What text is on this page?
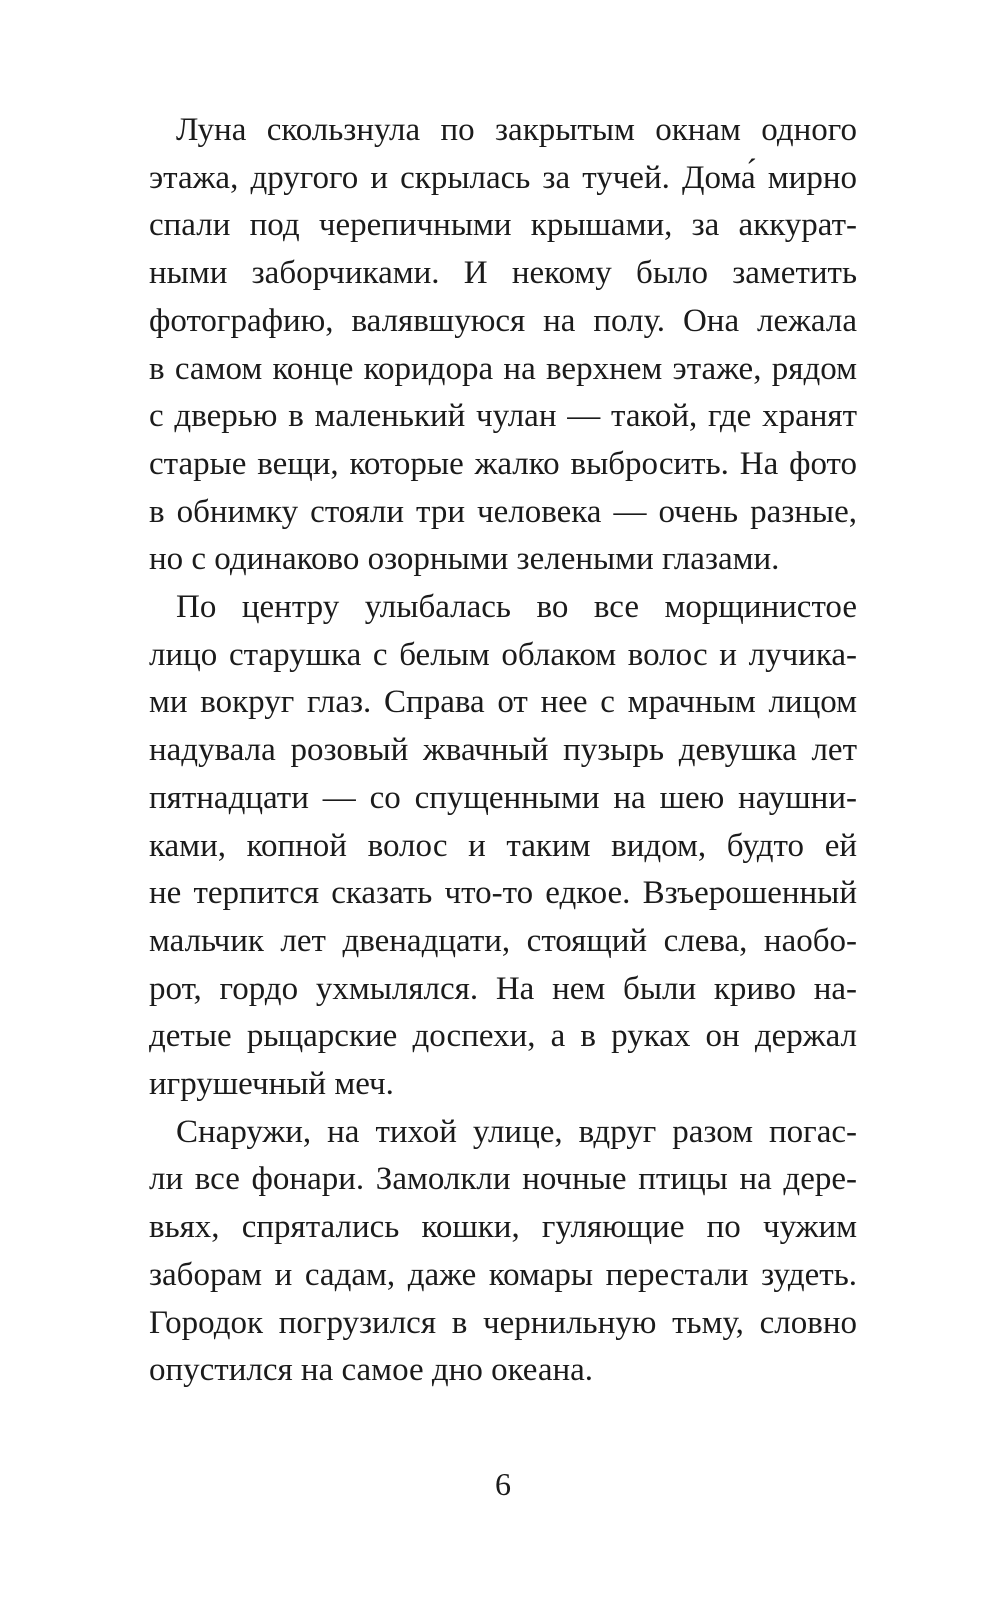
Луна скользнула по закрытым окнам одного
этажа, другого и скрылась за тучей. Дома́ мирно
спали под черепичными крышами, за аккурат-
ными заборчиками. И некому было заметить
фотографию, валявшуюся на полу. Она лежала
в самом конце коридора на верхнем этаже, рядом
с дверью в маленький чулан — такой, где хранят
старые вещи, которые жалко выбросить. На фото
в обнимку стояли три человека — очень разные,
но с одинаково озорными зелеными глазами.
По центру улыбалась во все морщинистое
лицо старушка с белым облаком волос и лучика-
ми вокруг глаз. Справа от нее с мрачным лицом
надувала розовый жвачный пузырь девушка лет
пятнадцати — со спущенными на шею наушни-
ками, копной волос и таким видом, будто ей
не терпится сказать что-то едкое. Взъерошенный
мальчик лет двенадцати, стоящий слева, наобо-
рот, гордо ухмылялся. На нем были криво на-
детые рыцарские доспехи, а в руках он держал
игрушечный меч.
Снаружи, на тихой улице, вдруг разом погас-
ли все фонари. Замолкли ночные птицы на дере-
вьях, спрятались кошки, гуляющие по чужим
заборам и садам, даже комары перестали зудеть.
Городок погрузился в чернильную тьму, словно
опустился на самое дно океана.
6
